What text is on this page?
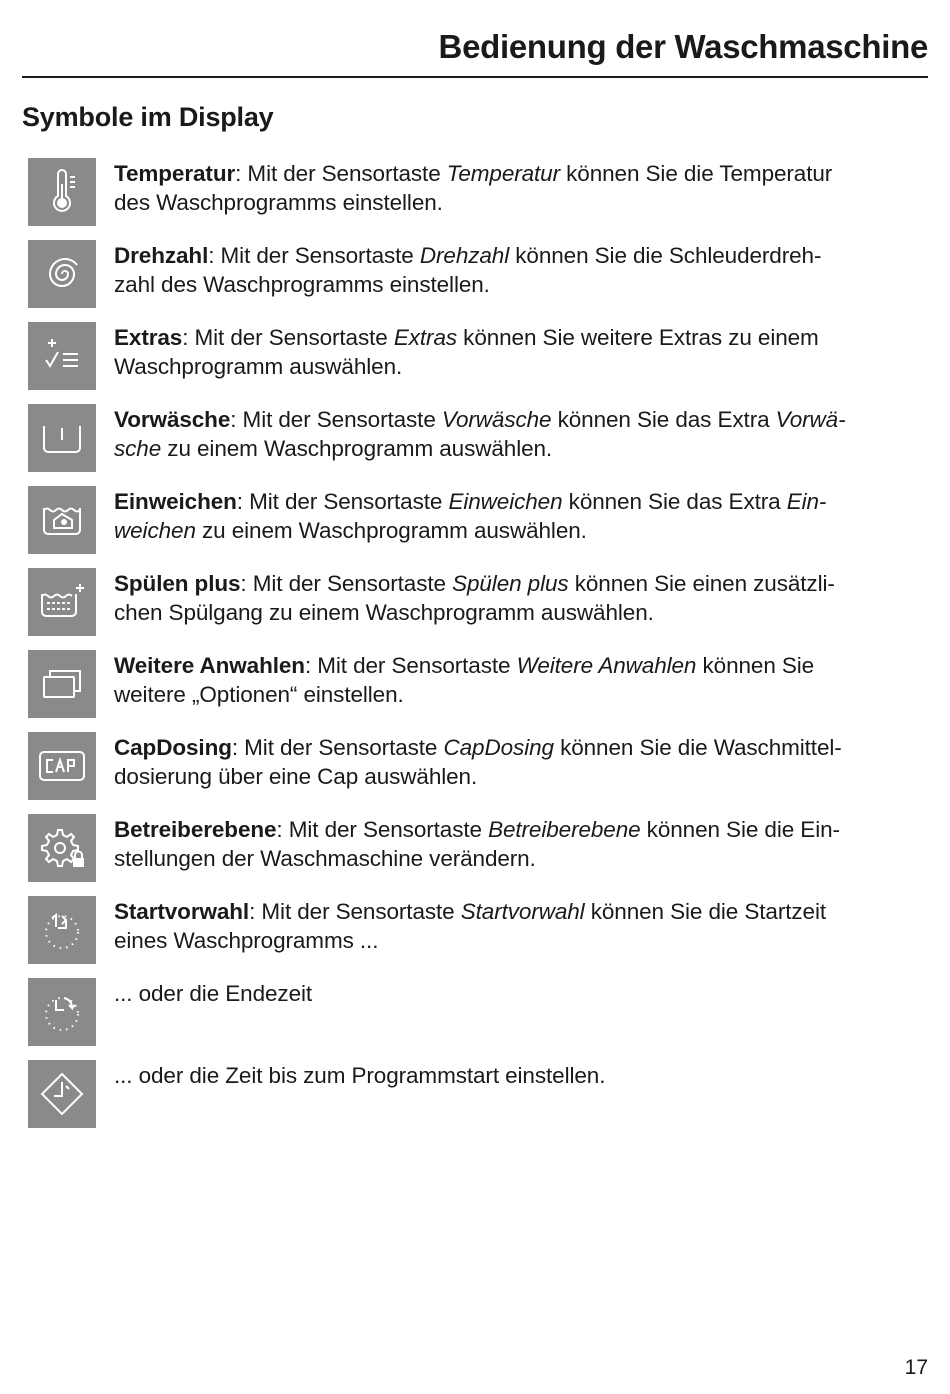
Bedienung der Waschmaschine
Symbole im Display
Temperatur: Mit der Sensortaste Temperatur können Sie die Temperatur
des Waschprogramms einstellen.
Drehzahl: Mit der Sensortaste Drehzahl können Sie die Schleuderdreh-
zahl des Waschprogramms einstellen.
Extras: Mit der Sensortaste Extras können Sie weitere Extras zu einem
Waschprogramm auswählen.
Vorwäsche: Mit der Sensortaste Vorwäsche können Sie das Extra Vorwä-
sche zu einem Waschprogramm auswählen.
Einweichen: Mit der Sensortaste Einweichen können Sie das Extra Ein-
weichen zu einem Waschprogramm auswählen.
Spülen plus: Mit der Sensortaste Spülen plus können Sie einen zusätzli-
chen Spülgang zu einem Waschprogramm auswählen.
Weitere Anwahlen: Mit der Sensortaste Weitere Anwahlen können Sie
weitere „Optionen“ einstellen.
CapDosing: Mit der Sensortaste CapDosing können Sie die Waschmittel-
dosierung über eine Cap auswählen.
Betreiberebene: Mit der Sensortaste Betreiberebene können Sie die Ein-
stellungen der Waschmaschine verändern.
Startvorwahl: Mit der Sensortaste Startvorwahl können Sie die Startzeit
eines Waschprogramms ...
... oder die Endezeit
... oder die Zeit bis zum Programmstart einstellen.
17
